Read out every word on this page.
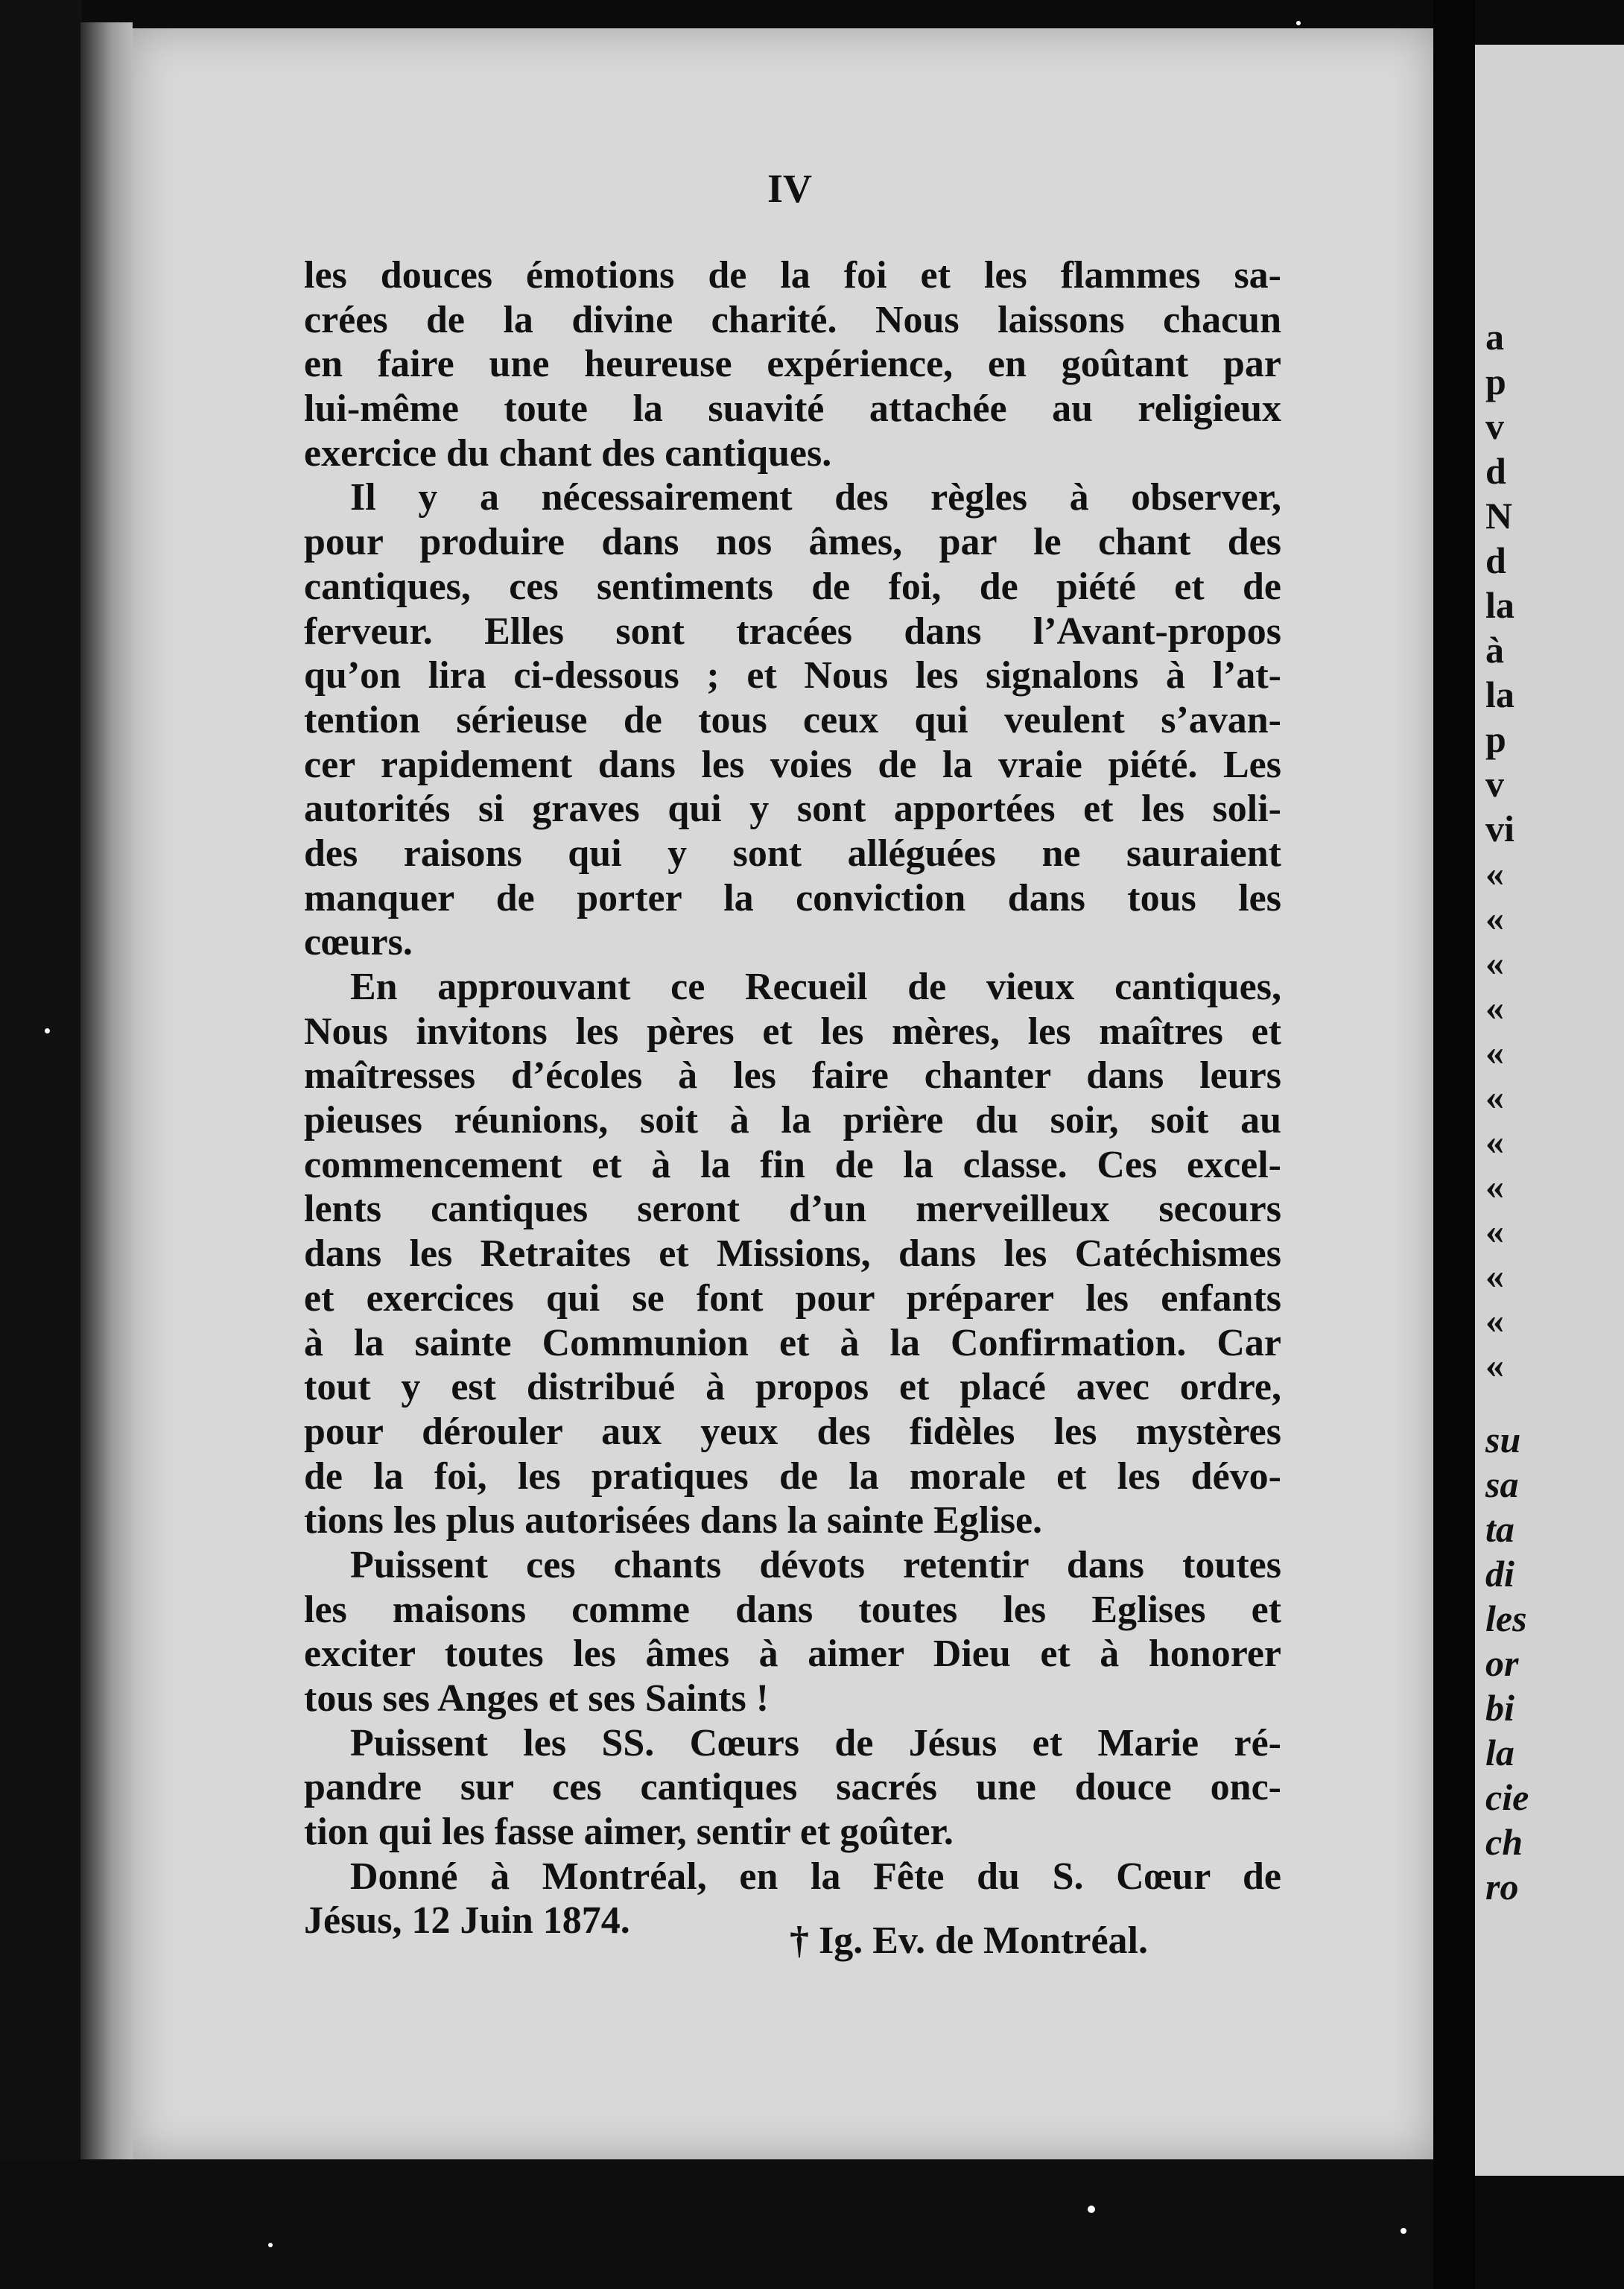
IV
les douces émotions de la foi et les flammes sa-
crées de la divine charité. Nous laissons chacun
en faire une heureuse expérience, en goûtant par
lui-même toute la suavité attachée au religieux
exercice du chant des cantiques.
Il y a nécessairement des règles à observer,
pour produire dans nos âmes, par le chant des
cantiques, ces sentiments de foi, de piété et de
ferveur. Elles sont tracées dans l’Avant-propos
qu’on lira ci-dessous ; et Nous les signalons à l’at-
tention sérieuse de tous ceux qui veulent s’avan-
cer rapidement dans les voies de la vraie piété. Les
autorités si graves qui y sont apportées et les soli-
des raisons qui y sont alléguées ne sauraient
manquer de porter la conviction dans tous les
cœurs.
En approuvant ce Recueil de vieux cantiques,
Nous invitons les pères et les mères, les maîtres et
maîtresses d’écoles à les faire chanter dans leurs
pieuses réunions, soit à la prière du soir, soit au
commencement et à la fin de la classe. Ces excel-
lents cantiques seront d’un merveilleux secours
dans les Retraites et Missions, dans les Catéchismes
et exercices qui se font pour préparer les enfants
à la sainte Communion et à la Confirmation. Car
tout y est distribué à propos et placé avec ordre,
pour dérouler aux yeux des fidèles les mystères
de la foi, les pratiques de la morale et les dévo-
tions les plus autorisées dans la sainte Eglise.
Puissent ces chants dévots retentir dans toutes
les maisons comme dans toutes les Eglises et
exciter toutes les âmes à aimer Dieu et à honorer
tous ses Anges et ses Saints !
Puissent les SS. Cœurs de Jésus et Marie ré-
pandre sur ces cantiques sacrés une douce onc-
tion qui les fasse aimer, sentir et goûter.
Donné à Montréal, en la Fête du S. Cœur de
Jésus, 12 Juin 1874.	† Ig. Ev. de Montréal.
a
p
v
d
N
d
la
à
la
p
v
vi
«
«
«
«
«
«
«
«
«
«
«
«
su
sa
ta
di
les
or
bi
la
cie
ch
ro
